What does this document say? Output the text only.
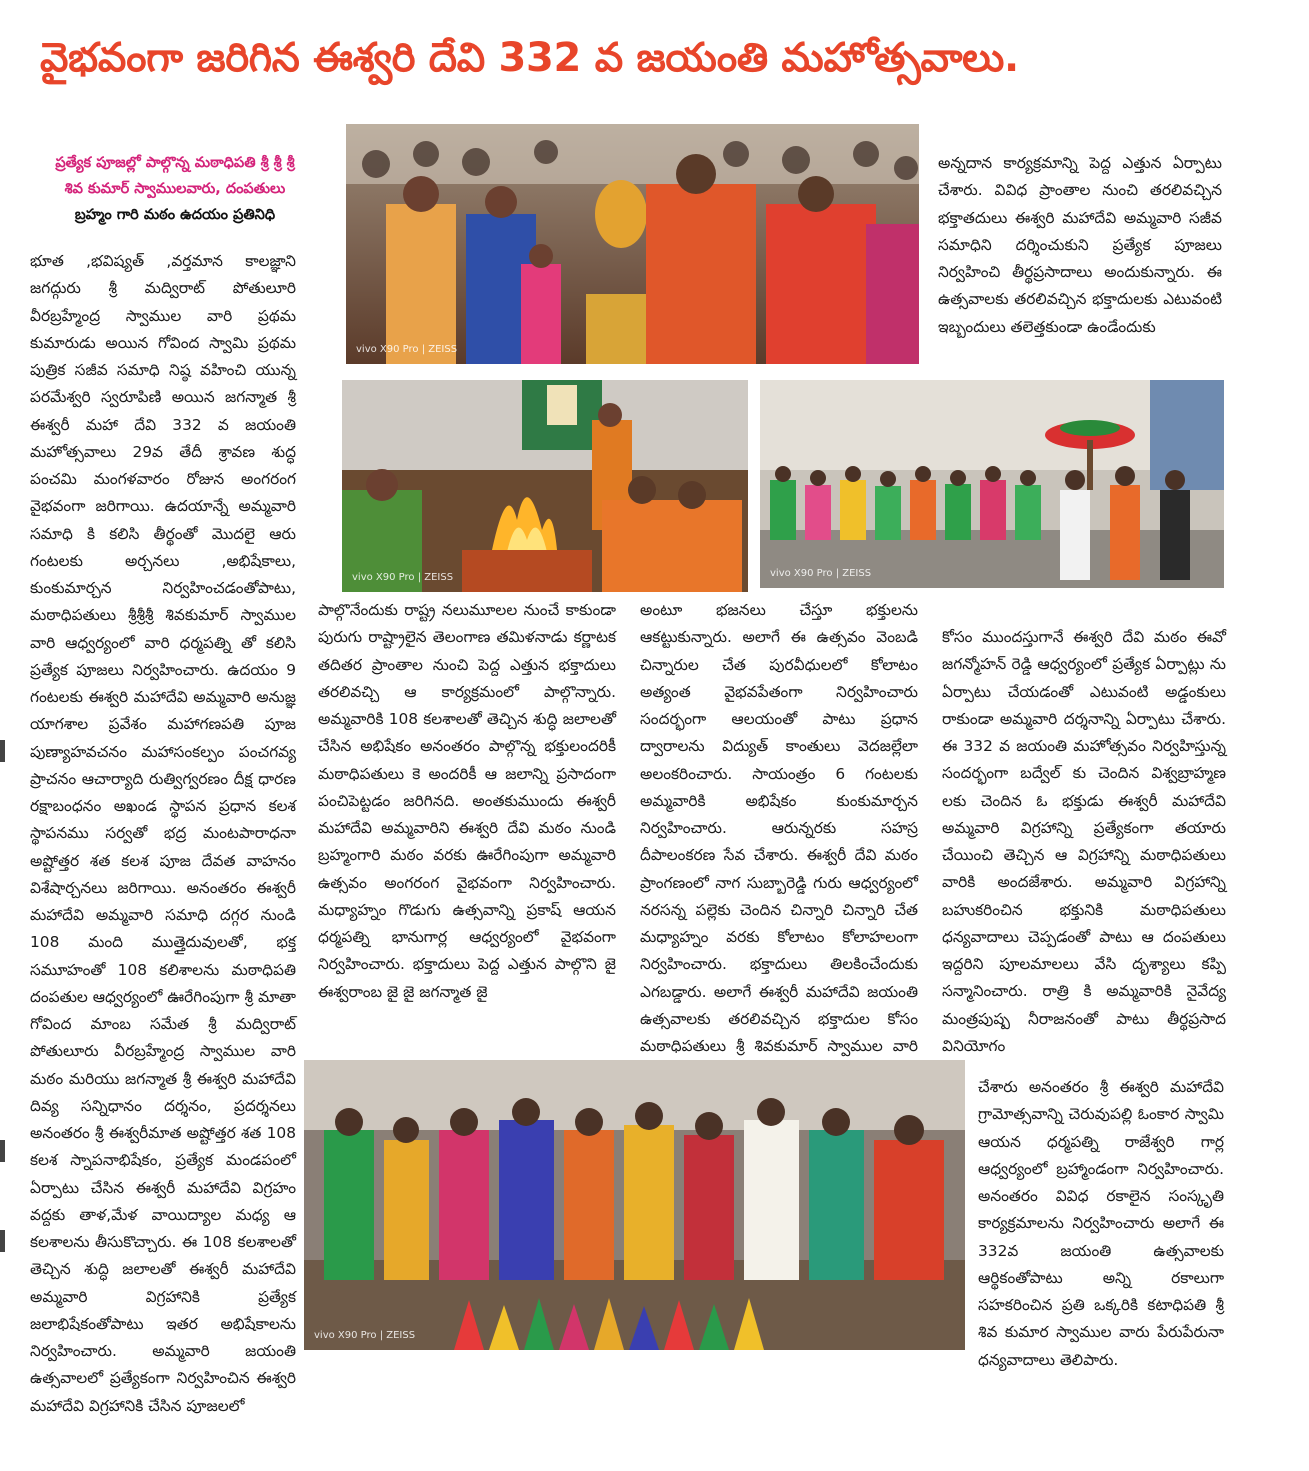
వైభవంగా జరిగిన ఈశ్వరి దేవి 332 వ జయంతి మహోత్సవాలు.
ప్రత్యేక పూజల్లో పాల్గొన్న మఠాధిపతి శ్రీ శ్రీ శ్రీ
శివ కుమార్ స్వాములవారు, దంపతులు
బ్రహ్మం గారి మఠం ఉదయం ప్రతినిధి
భూత ,భవిష్యత్ ,వర్తమాన కాలజ్ఞాని జగద్గురు శ్రీ మద్విరాట్ పోతులూరి వీరబ్రహ్మేంద్ర స్వాముల వారి ప్రథమ కుమారుడు అయిన గోవింద స్వామి ప్రథమ పుత్రిక సజీవ సమాధి నిష్ఠ వహించి యున్న పరమేశ్వరి స్వరూపిణి అయిన జగన్మాత శ్రీ ఈశ్వరీ మహా దేవి 332 వ జయంతి మహోత్సవాలు 29వ తేదీ శ్రావణ శుద్ధ పంచమి మంగళవారం రోజున అంగరంగ వైభవంగా జరిగాయి. ఉదయాన్నే అమ్మవారి సమాధి కి కలిసి తీర్థంతో మొదలై ఆరు గంటలకు అర్చనలు ,అభిషేకాలు, కుంకుమార్చన నిర్వహించడంతోపాటు, మఠాధిపతులు శ్రీశ్రీశ్రీ శివకుమార్ స్వాముల వారి ఆధ్వర్యంలో వారి ధర్మపత్ని తో కలిసి ప్రత్యేక పూజలు నిర్వహించారు. ఉదయం 9 గంటలకు ఈశ్వరి మహాదేవి అమ్మవారి అనుజ్ఞ యాగశాల ప్రవేశం మహాగణపతి పూజ పుణ్యాహవచనం మహాసంకల్పం పంచగవ్య ప్రాచనం ఆచార్యాది రుత్విగ్వరణం దీక్ష ధారణ రక్షాబంధనం అఖండ స్థాపన ప్రధాన కలశ స్థాపనము సర్వతో భద్ర మంటపారాధనా అష్టోత్తర శత కలశ పూజ దేవత వాహనం విశేషార్చనలు జరిగాయి. అనంతరం ఈశ్వరీ మహాదేవి అమ్మవారి సమాధి దగ్గర నుండి 108 మంది ముత్తైదువులతో, భక్త సమూహంతో 108 కలిశాలను మఠాధిపతి దంపతుల ఆధ్వర్యంలో ఊరేగింపుగా శ్రీ మాతా గోవింద మాంబ సమేత శ్రీ మద్విరాట్ పోతులూరు వీరబ్రహ్మేంద్ర స్వాముల వారి మఠం మరియు జగన్మాత శ్రీ ఈశ్వరి మహాదేవి దివ్య సన్నిధానం దర్శనం, ప్రదర్శనలు అనంతరం శ్రీ ఈశ్వరీమాత అష్టోత్తర శత 108 కలశ స్నాపనాభిషేకం, ప్రత్యేక మండపంలో ఏర్పాటు చేసిన ఈశ్వరీ మహాదేవి విగ్రహం వద్దకు తాళ,మేళ వాయిద్యాల మధ్య ఆ కలశాలను తీసుకొచ్చారు. ఈ 108 కలశాలతో తెచ్చిన శుద్ధి జలాలతో ఈశ్వరీ మహాదేవి అమ్మవారి విగ్రహానికి ప్రత్యేక జలాభిషేకంతోపాటు ఇతర అభిషేకాలను నిర్వహించారు. అమ్మవారి జయంతి ఉత్సవాలలో ప్రత్యేకంగా నిర్వహించిన ఈశ్వరి మహాదేవి విగ్రహానికి చేసిన పూజలలో
vivo X90 Pro | ZEISS
అన్నదాన కార్యక్రమాన్ని పెద్ద ఎత్తున ఏర్పాటు చేశారు. వివిధ ప్రాంతాల నుంచి తరలివచ్చిన భక్తాతదులు ఈశ్వరి మహాదేవి అమ్మవారి సజీవ సమాధిని దర్శించుకుని ప్రత్యేక పూజలు నిర్వహించి తీర్థప్రసాదాలు అందుకున్నారు. ఈ ఉత్సవాలకు తరలివచ్చిన భక్తాదులకు ఎటువంటి ఇబ్బందులు తలెత్తకుండా ఉండేందుకు
vivo X90 Pro | ZEISS	vivo X90 Pro | ZEISS
పాల్గొనేందుకు రాష్ట్ర నలుమూలల నుంచే కాకుండా పురుగు రాష్ట్రాలైన తెలంగాణ తమిళనాడు కర్ణాటక తదితర ప్రాంతాల నుంచి పెద్ద ఎత్తున భక్తాదులు తరలివచ్చి ఆ కార్యక్రమంలో పాల్గొన్నారు. అమ్మవారికి 108 కలశాలతో తెచ్చిన శుద్ధి జలాలతో చేసిన అభిషేకం అనంతరం పాల్గొన్న భక్తులందరికీ మఠాధిపతులు కె అందరికీ ఆ జలాన్ని ప్రసాదంగా పంచిపెట్టడం జరిగినది. అంతకుముందు ఈశ్వరీ మహాదేవి అమ్మవారిని ఈశ్వరి దేవి మఠం నుండి బ్రహ్మంగారి మఠం వరకు ఊరేగింపుగా అమ్మవారి ఉత్సవం అంగరంగ వైభవంగా నిర్వహించారు. మధ్యాహ్నం గొడుగు ఉత్సవాన్ని ప్రకాష్ ఆయన ధర్మపత్ని భానుగార్ల ఆధ్వర్యంలో వైభవంగా నిర్వహించారు. భక్తాదులు పెద్ద ఎత్తున పాల్గొని జై ఈశ్వరాంబ జై జై జగన్మాత జై
అంటూ భజనలు చేస్తూ భక్తులను ఆకట్టుకున్నారు. అలాగే ఈ ఉత్సవం వెంబడి చిన్నారుల చేత పురవీధులలో కోలాటం అత్యంత వైభవపేతంగా నిర్వహించారు సందర్భంగా ఆలయంతో పాటు ప్రధాన ద్వారాలను విద్యుత్ కాంతులు వెదజల్లేలా అలంకరించారు. సాయంత్రం 6 గంటలకు అమ్మవారికి అభిషేకం కుంకుమార్చన నిర్వహించారు. ఆరున్నరకు సహస్ర దీపాలంకరణ సేవ చేశారు. ఈశ్వరీ దేవి మఠం ప్రాంగణంలో నాగ సుబ్బారెడ్డి గురు ఆధ్వర్యంలో నరసన్న పల్లెకు చెందిన చిన్నారి చిన్నారి చేత మధ్యాహ్నం వరకు కోలాటం కోలాహలంగా నిర్వహించారు. భక్తాదులు తిలకించేందుకు ఎగబడ్డారు. అలాగే ఈశ్వరీ మహాదేవి జయంతి ఉత్సవాలకు తరలివచ్చిన భక్తాదుల కోసం మఠాధిపతులు శ్రీ శివకుమార్ స్వాముల వారి
కోసం ముందస్తుగానే ఈశ్వరి దేవి మఠం ఈవో జగన్మోహన్ రెడ్డి ఆధ్వర్యంలో ప్రత్యేక ఏర్పాట్లు ను ఏర్పాటు చేయడంతో ఎటువంటి అడ్డంకులు రాకుండా అమ్మవారి దర్శనాన్ని ఏర్పాటు చేశారు. ఈ 332 వ జయంతి మహోత్సవం నిర్వహిస్తున్న సందర్భంగా బద్వేల్ కు చెందిన విశ్వబ్రాహ్మణ లకు చెందిన ఓ భక్తుడు ఈశ్వరీ మహాదేవి అమ్మవారి విగ్రహాన్ని ప్రత్యేకంగా తయారు చేయించి తెచ్చిన ఆ విగ్రహాన్ని మఠాధిపతులు వారికి అందజేశారు. అమ్మవారి విగ్రహాన్ని బహుకరించిన భక్తునికి మఠాధిపతులు ధన్యవాదాలు చెప్పడంతో పాటు ఆ దంపతులు ఇద్దరిని పూలమాలలు వేసి దృశ్యాలు కప్పి సన్మానించారు. రాత్రి కి అమ్మవారికి నైవేద్య మంత్రపుష్ప నీరాజనంతో పాటు తీర్థప్రసాద వినియోగం
vivo X90 Pro | ZEISS
చేశారు అనంతరం శ్రీ ఈశ్వరి మహాదేవి గ్రామోత్సవాన్ని చెరువుపల్లి ఓంకార స్వామి ఆయన ధర్మపత్ని రాజేశ్వరి గార్ల ఆధ్వర్యంలో బ్రహ్మాండంగా నిర్వహించారు. అనంతరం వివిధ రకాలైన సంస్కృతి కార్యక్రమాలను నిర్వహించారు అలాగే ఈ 332వ జయంతి ఉత్సవాలకు ఆర్థికంతోపాటు అన్ని రకాలుగా సహకరించిన ప్రతి ఒక్కరికి కటాధిపతి శ్రీ శివ కుమార స్వాముల వారు పేరుపేరునా ధన్యవాదాలు తెలిపారు.
